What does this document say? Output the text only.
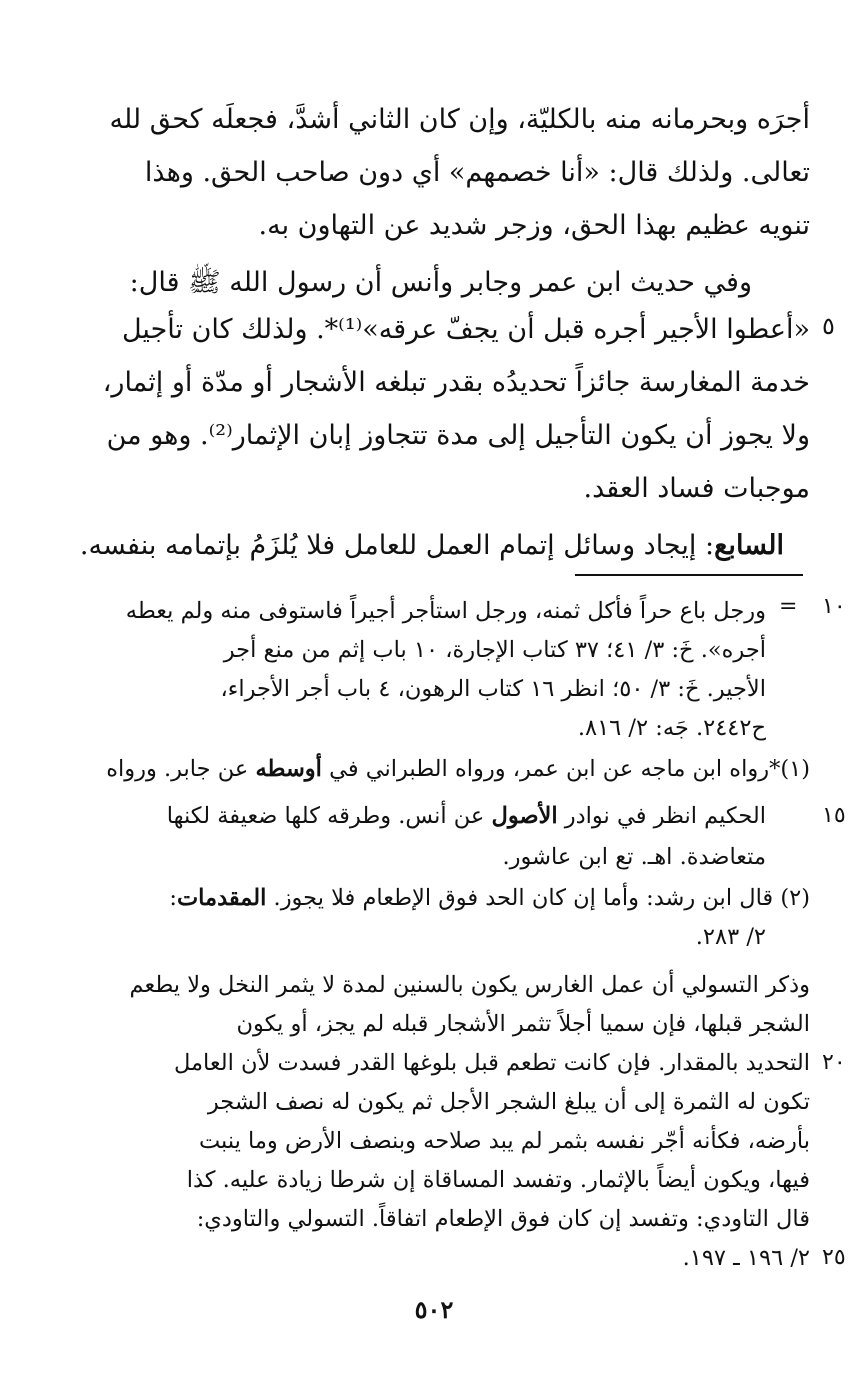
أجرَه وبحرمانه منه بالكليّة، وإن كان الثاني أشدَّ، فجعلَه كحق لله
تعالى. ولذلك قال: «أنا خصمهم» أي دون صاحب الحق. وهذا
تنويه عظيم بهذا الحق، وزجر شديد عن التهاون به.
وفي حديث ابن عمر وجابر وأنس أن رسول الله ﷺ قال:
«أعطوا الأجير أجره قبل أن يجفّ عرقه»⁽¹⁾*. ولذلك كان تأجيل
خدمة المغارسة جائزاً تحديدُه بقدر تبلغه الأشجار أو مدّة أو إثمار،
ولا يجوز أن يكون التأجيل إلى مدة تتجاوز إبان الإثمار⁽²⁾. وهو من
موجبات فساد العقد.
السابع: إيجاد وسائل إتمام العمل للعامل فلا يُلزَمُ بإتمامه بنفسه.
=
ورجل باع حراً فأكل ثمنه، ورجل استأجر أجيراً فاستوفى منه ولم يعطه
أجره». خَ: ٣/ ٤١؛ ٣٧ كتاب الإجارة، ١٠ باب إثم من منع أجر
الأجير. خَ: ٣/ ٥٠؛ انظر ١٦ كتاب الرهون، ٤ باب أجر الأجراء،
ح٢٤٤٢. جَه: ٢/ ٨١٦.
(١)*رواه ابن ماجه عن ابن عمر، ورواه الطبراني في أوسطه عن جابر. ورواه
الحكيم انظر في نوادر الأصول عن أنس. وطرقه كلها ضعيفة لكنها
متعاضدة. اهـ. تع ابن عاشور.
(٢) قال ابن رشد: وأما إن كان الحد فوق الإطعام فلا يجوز. المقدمات:
٢/ ٢٨٣.
وذكر التسولي أن عمل الغارس يكون بالسنين لمدة لا يثمر النخل ولا يطعم
الشجر قبلها، فإن سميا أجلاً تثمر الأشجار قبله لم يجز، أو يكون
التحديد بالمقدار. فإن كانت تطعم قبل بلوغها القدر فسدت لأن العامل
تكون له الثمرة إلى أن يبلغ الشجر الأجل ثم يكون له نصف الشجر
بأرضه، فكأنه أجّر نفسه بثمر لم يبد صلاحه وبنصف الأرض وما ينبت
فيها، ويكون أيضاً بالإثمار. وتفسد المساقاة إن شرطا زيادة عليه. كذا
قال التاودي: وتفسد إن كان فوق الإطعام اتفاقاً. التسولي والتاودي:
٢/ ١٩٦ ـ ١٩٧.
٥
١٠
١٥
٢٠
٢٥
٥٠٢
